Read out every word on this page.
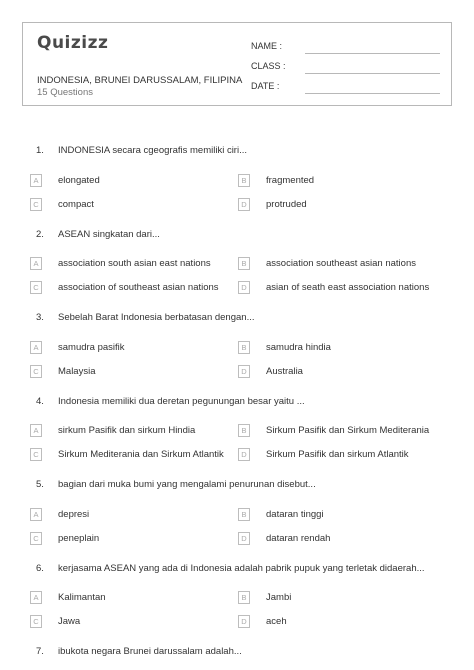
Quizizz
INDONESIA, BRUNEI DARUSSALAM, FILIPINA
15 Questions
NAME :
CLASS :
DATE :
1. INDONESIA secara cgeografis memiliki ciri...
A	elongated	B	fragmented
C	compact	D	protruded
2. ASEAN singkatan dari...
A	association south asian east nations	B	association southeast asian nations
C	association of southeast asian nations	D	asian of seath east association nations
3. Sebelah Barat Indonesia berbatasan dengan...
A	samudra pasifik	B	samudra hindia
C	Malaysia	D	Australia
4. Indonesia memiliki dua deretan pegunungan besar yaitu ...
A	sirkum Pasifik dan sirkum Hindia	B	Sirkum Pasifik dan Sirkum Mediterania
C	Sirkum Mediterania dan Sirkum Atlantik	D	Sirkum Pasifik dan sirkum Atlantik
5. bagian dari muka bumi yang mengalami penurunan disebut...
A	depresi	B	dataran tinggi
C	peneplain	D	dataran rendah
6. kerjasama ASEAN yang ada di Indonesia adalah pabrik pupuk yang terletak didaerah...
A	Kalimantan	B	Jambi
C	Jawa	D	aceh
7. ibukota negara Brunei darussalam adalah...
